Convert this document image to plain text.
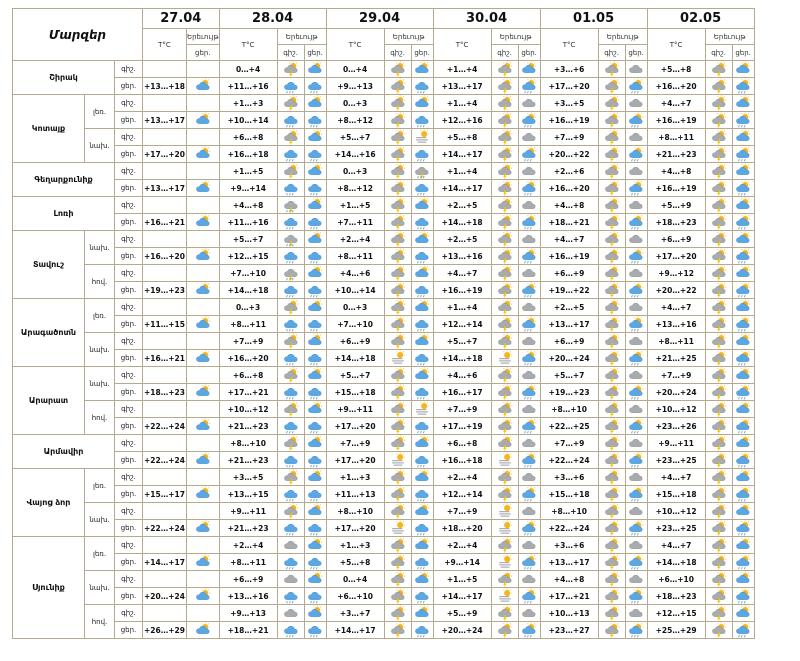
Մարզեր			27.04		28.04			29.04			30.04			01.05			02.05		
			T°C	Երեւույթ	T°C	Երեւույթ		T°C	Երեւույթ		T°C	Երեւույթ		T°C	Երեւույթ		T°C	Երեւույթ	
				ցեր.		գիշ.	ցեր.		գիշ.	ցեր.		գիշ.	ցեր.		գիշ.	ցեր.		գիշ.	ցեր.
Շիրակ		գիշ.			0…+4			0…+4			+1…+4			+3…+6			+5…+8	

		ցեր.	+13…+18		+11…+16			+9…+13			+13…+17			+17…+20			+16…+20	

Կոտայք	լեռ.	գիշ.			+1…+3			0…+3			+1…+4			+3…+5			+4…+7	

		ցեր.	+13…+17		+10…+14			+8…+12			+12…+16			+16…+19			+16…+19	

	նախ.	գիշ.			+6…+8			+5…+7			+5…+8			+7…+9			+8…+11	

		ցեր.	+17…+20		+16…+18			+14…+16			+14…+17			+20…+22			+21…+23	

Գեղարքունիք		գիշ.			+1…+5			0…+3			+1…+4			+2…+6			+4…+8	

		ցեր.	+13…+17		+9…+14			+8…+12			+14…+17			+16…+20			+16…+19	

Լոռի		գիշ.			+4…+8			+1…+5			+2…+5			+4…+8			+5…+9	

		ցեր.	+16…+21		+11…+16			+7…+11			+14…+18			+18…+21			+18…+23	

Տավուշ	նախ.	գիշ.			+5…+7			+2…+4			+2…+5			+4…+7			+6…+9	

		ցեր.	+16…+20		+12…+15			+8…+11			+13…+16			+16…+19			+17…+20	

	հով.	գիշ.			+7…+10			+4…+6			+4…+7			+6…+9			+9…+12	

		ցեր.	+19…+23		+14…+18			+10…+14			+16…+19			+19…+22			+20…+22	

Արագածոտն	լեռ.	գիշ.			0…+3			0…+3			+1…+4			+2…+5			+4…+7	

		ցեր.	+11…+15		+8…+11			+7…+10			+12…+14			+13…+17			+13…+16	

	նախ.	գիշ.			+7…+9			+6…+9			+5…+7			+6…+9			+8…+11	

		ցեր.	+16…+21		+16…+20			+14…+18			+14…+18			+20…+24			+21…+25	

Արարատ	նախ.	գիշ.			+6…+8			+5…+7			+4…+6			+5…+7			+7…+9	

		ցեր.	+18…+23		+17…+21			+15…+18			+16…+17			+19…+23			+20…+24	

	հով.	գիշ.			+10…+12			+9…+11			+7…+9			+8…+10			+10…+12	

		ցեր.	+22…+24		+21…+23			+17…+20			+17…+19			+22…+25			+23…+26	

Արմավիր		գիշ.			+8…+10			+7…+9			+6…+8			+7…+9			+9…+11	

		ցեր.	+22…+24		+21…+23			+17…+20			+16…+18			+22…+24			+23…+25	

Վայոց ձոր	լեռ.	գիշ.			+3…+5			+1…+3			+2…+4			+3…+6			+4…+7	

		ցեր.	+15…+17		+13…+15			+11…+13			+12…+14			+15…+18			+15…+18	

	նախ.	գիշ.			+9…+11			+8…+10			+7…+9			+8…+10			+10…+12	

		ցեր.	+22…+24		+21…+23			+17…+20			+18…+20			+22…+24			+23…+25	

Սյունիք	լեռ.	գիշ.			+2…+4			+1…+3			+2…+4			+3…+6			+4…+7	

		ցեր.	+14…+17		+8…+11			+5…+8			+9…+14			+13…+17			+14…+18	

	նախ.	գիշ.			+6…+9			0…+4			+1…+5			+4…+8			+6…+10	

		ցեր.	+20…+24		+13…+16			+6…+10			+14…+17			+17…+21			+18…+23	

	հով.	գիշ.			+9…+13			+3…+7			+5…+9			+10…+13			+12…+15	

		ցեր.	+26…+29		+18…+21			+14…+17			+20…+24			+23…+27			+25…+29	
